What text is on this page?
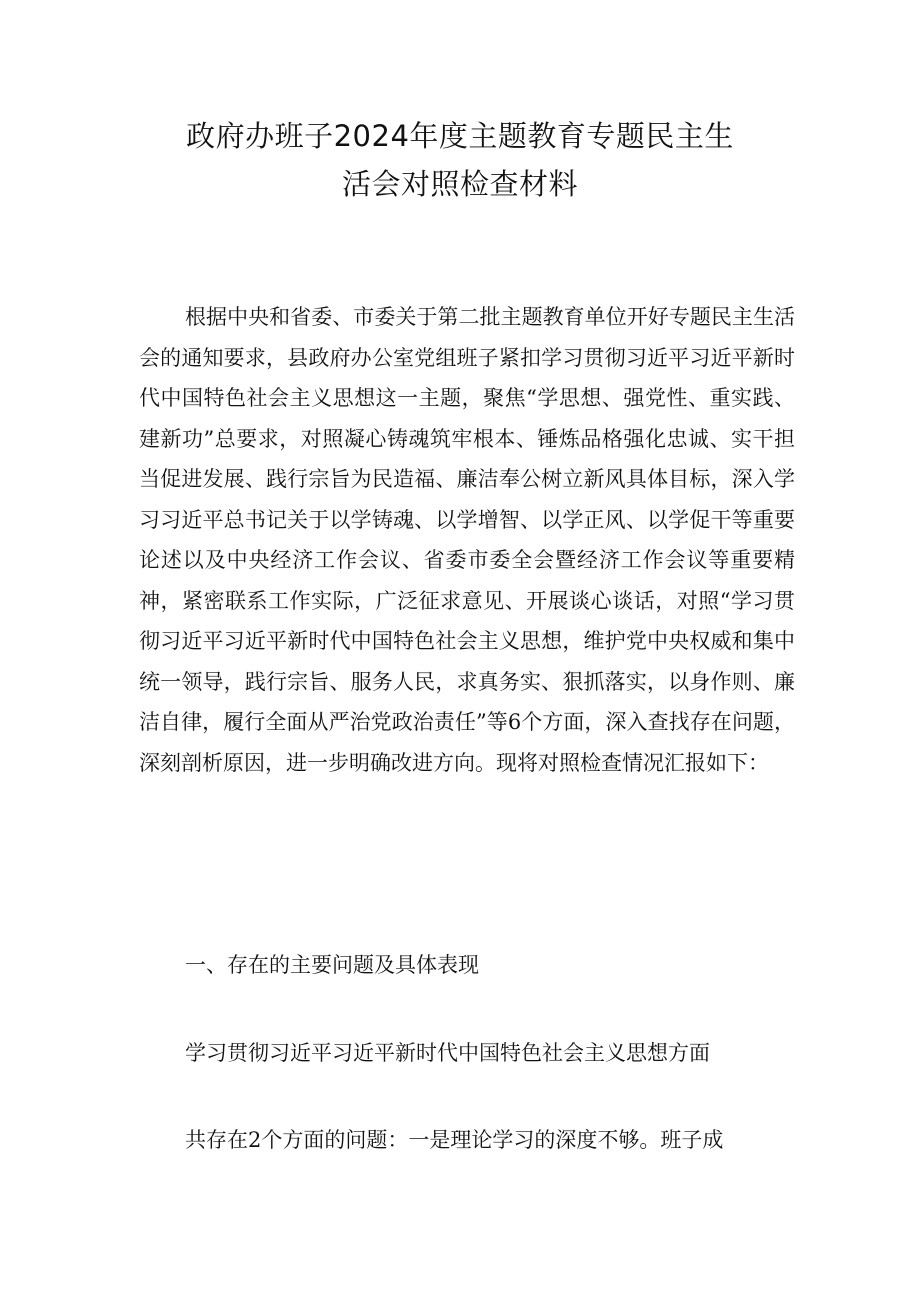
政府办班子2024年度主题教育专题民主生
活会对照检查材料

根据中央和省委、市委关于第二批主题教育单位开好专题民主生活会的通知要求，县政府办公室党组班子紧扣学习贯彻习近平习近平新时代中国特色社会主义思想这一主题，聚焦“学思想、强党性、重实践、建新功”总要求，对照凝心铸魂筑牢根本、锤炼品格强化忠诚、实干担当促进发展、践行宗旨为民造福、廉洁奉公树立新风具体目标，深入学习习近平总书记关于以学铸魂、以学增智、以学正风、以学促干等重要论述以及中央经济工作会议、省委市委全会暨经济工作会议等重要精神，紧密联系工作实际，广泛征求意见、开展谈心谈话，对照“学习贯彻习近平习近平新时代中国特色社会主义思想，维护党中央权威和集中统一领导，践行宗旨、服务人民，求真务实、狠抓落实，以身作则、廉洁自律，履行全面从严治党政治责任”等6个方面，深入查找存在问题，深刻剖析原因，进一步明确改进方向。现将对照检查情况汇报如下：

一、存在的主要问题及具体表现

学习贯彻习近平习近平新时代中国特色社会主义思想方面

共存在2个方面的问题：一是理论学习的深度不够。班子成
